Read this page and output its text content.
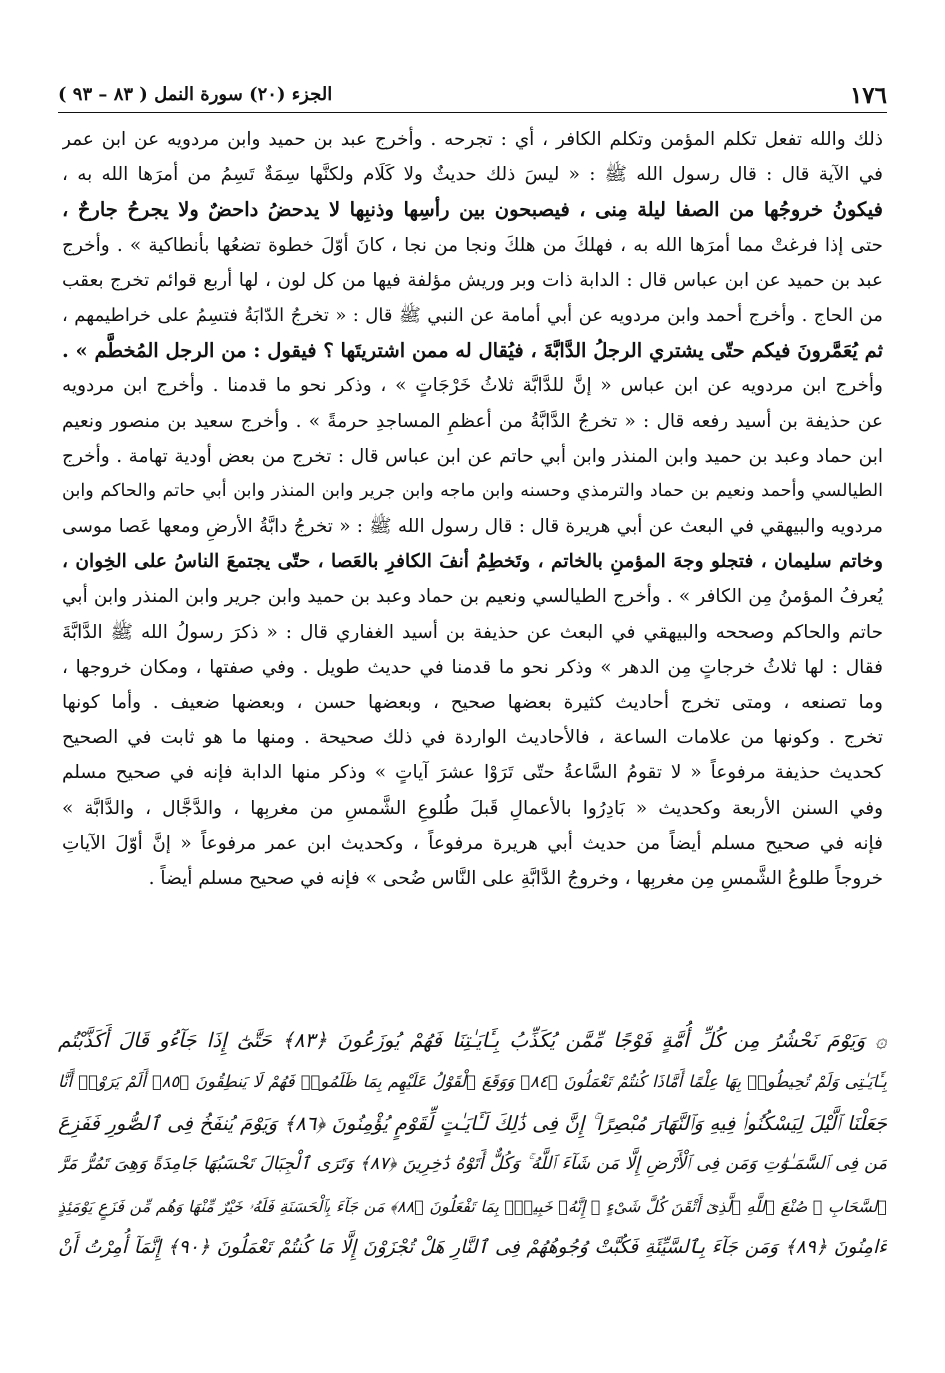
١٧٦
الجزء (٢٠) سورة النمل ( ٨٣ – ٩٣ )
ذلك والله تفعل تكلم المؤمن وتكلم الكافر ، أي : تجرحه . وأخرج عبد بن حميد وابن مردويه عن ابن عمر
في الآية قال : قال رسول الله ﷺ : « ليسَ ذلك حديثٌ ولا كَلَام ولكنَّها سِمَةٌ تَسِمُ من أمرَها الله به ،
فيكونُ خروجُها من الصفا ليلة مِنى ، فيصبحون بين رأسِها وذنبِها لا يدحضُ داحضٌ ولا يجرحُ جارحٌ ،
حتى إذا فرغتْ مما أمرَها الله به ، فهلكَ من هلكَ ونجا من نجا ، كانَ أوّلَ خطوة تضعُها بأنطاكية » . وأخرج
عبد بن حميد عن ابن عباس قال : الدابة ذات وبر وريش مؤلفة فيها من كل لون ، لها أربع قوائم تخرج بعقب
من الحاج . وأخرج أحمد وابن مردويه عن أبي أمامة عن النبي ﷺ قال : « تخرجُ الدّابَةُ فتسِمُ على خراطيمهم ،
ثم يُعَمَّرونَ فيكم حتّى يشتري الرجلُ الدَّابَّةَ ، فيُقال له ممن اشتريتَها ؟ فيقول : من الرجل المُخطَّم » .
وأخرج ابن مردويه عن ابن عباس « إنَّ للدَّابَّة ثلاثُ خَرْجَاتٍ » ، وذكر نحو ما قدمنا . وأخرج ابن مردويه
عن حذيفة بن أسيد رفعه قال : « تخرجُ الدَّابَّةُ من أعظمِ المساجدِ حرمةً » . وأخرج سعيد بن منصور ونعيم
ابن حماد وعبد بن حميد وابن المنذر وابن أبي حاتم عن ابن عباس قال : تخرج من بعض أودية تهامة . وأخرج
الطيالسي وأحمد ونعيم بن حماد والترمذي وحسنه وابن ماجه وابن جرير وابن المنذر وابن أبي حاتم والحاكم وابن
مردويه والبيهقي في البعث عن أبي هريرة قال : قال رسول الله ﷺ : « تخرجُ دابَّةُ الأرضِ ومعها عَصا موسى
وخاتم سليمان ، فتجلو وجهَ المؤمنِ بالخاتم ، وتَخطِمُ أنفَ الكافرِ بالعَصا ، حتّى يجتمعَ الناسُ على الخِوان ،
يُعرفُ المؤمنُ مِن الكافر » . وأخرج الطيالسي ونعيم بن حماد وعبد بن حميد وابن جرير وابن المنذر وابن أبي
حاتم والحاكم وصححه والبيهقي في البعث عن حذيفة بن أسيد الغفاري قال : « ذكرَ رسولُ الله ﷺ الدَّابَّةَ
فقال : لها ثلاثُ خرجاتٍ مِن الدهر » وذكر نحو ما قدمنا في حديث طويل . وفي صفتها ، ومكان خروجها ،
وما تصنعه ، ومتى تخرج أحاديث كثيرة بعضها صحيح ، وبعضها حسن ، وبعضها ضعيف . وأما كونها
تخرج . وكونها من علامات الساعة ، فالأحاديث الواردة في ذلك صحيحة . ومنها ما هو ثابت في الصحيح
كحديث حذيفة مرفوعاً « لا تقومُ السَّاعةُ حتّى تَرَوْا عشرَ آياتٍ » وذكر منها الدابة فإنه في صحيح مسلم
وفي السنن الأربعة وكحديث « بَادِرُوا بالأعمالِ قَبلَ طُلوعِ الشَّمسِ من مغربِها ، والدَّجَّال ، والدَّابَّة »
فإنه في صحيح مسلم أيضاً من حديث أبي هريرة مرفوعاً ، وكحديث ابن عمر مرفوعاً « إنَّ أوّلَ الآياتِ
خروجاً طلوعُ الشَّمسِ مِن مغربِها ، وخروجُ الدَّابَّةِ على النَّاس ضُحى » فإنه في صحيح مسلم أيضاً .
۞ وَيَوْمَ نَحْشُرُ مِن كُلِّ أُمَّةٍ فَوْجًا مِّمَّن يُكَذِّبُ بِـَٔايَـٰتِنَا فَهُمْ يُوزَعُونَ ﴿٨٣﴾ حَتَّىٰٓ إِذَا جَآءُو قَالَ أَكَذَّبْتُم
بِـَٔايَـٰتِى وَلَمْ تُحِيطُوا۟ بِهَا عِلْمًا أَمَّاذَا كُنتُمْ تَعْمَلُونَ ﴿٨٤﴾ وَوَقَعَ ٱلْقَوْلُ عَلَيْهِم بِمَا ظَلَمُوا۟ فَهُمْ لَا يَنطِقُونَ ﴿٨٥﴾ أَلَمْ يَرَوْا۟ أَنَّا
جَعَلْنَا ٱلَّيْلَ لِيَسْكُنُوا۟ فِيهِ وَٱلنَّهَارَ مُبْصِرًا ۚ إِنَّ فِى ذَٰلِكَ لَـَٔايَـٰتٍ لِّقَوْمٍ يُؤْمِنُونَ ﴿٨٦﴾ وَيَوْمَ يُنفَخُ فِى ٱلصُّورِ فَفَزِعَ
مَن فِى ٱلسَّمَـٰوَٰتِ وَمَن فِى ٱلْأَرْضِ إِلَّا مَن شَآءَ ٱللَّهُ ۚ وَكُلٌّ أَتَوْهُ دَٰخِرِينَ ﴿٨٧﴾ وَتَرَى ٱلْجِبَالَ تَحْسَبُهَا جَامِدَةً وَهِىَ تَمُرُّ مَرَّ
ٱلسَّحَابِ ۚ صُنْعَ ٱللَّهِ ٱلَّذِىٓ أَتْقَنَ كُلَّ شَىْءٍ ۚ إِنَّهُۥ خَبِيرٌۢ بِمَا تَفْعَلُونَ ﴿٨٨﴾ مَن جَآءَ بِٱلْحَسَنَةِ فَلَهُۥ خَيْرٌ مِّنْهَا وَهُم مِّن فَزَعٍ يَوْمَئِذٍ
ءَامِنُونَ ﴿٨٩﴾ وَمَن جَآءَ بِٱلسَّيِّئَةِ فَكُبَّتْ وُجُوهُهُمْ فِى ٱلنَّارِ هَلْ تُجْزَوْنَ إِلَّا مَا كُنتُمْ تَعْمَلُونَ ﴿٩٠﴾ إِنَّمَآ أُمِرْتُ أَنْ
